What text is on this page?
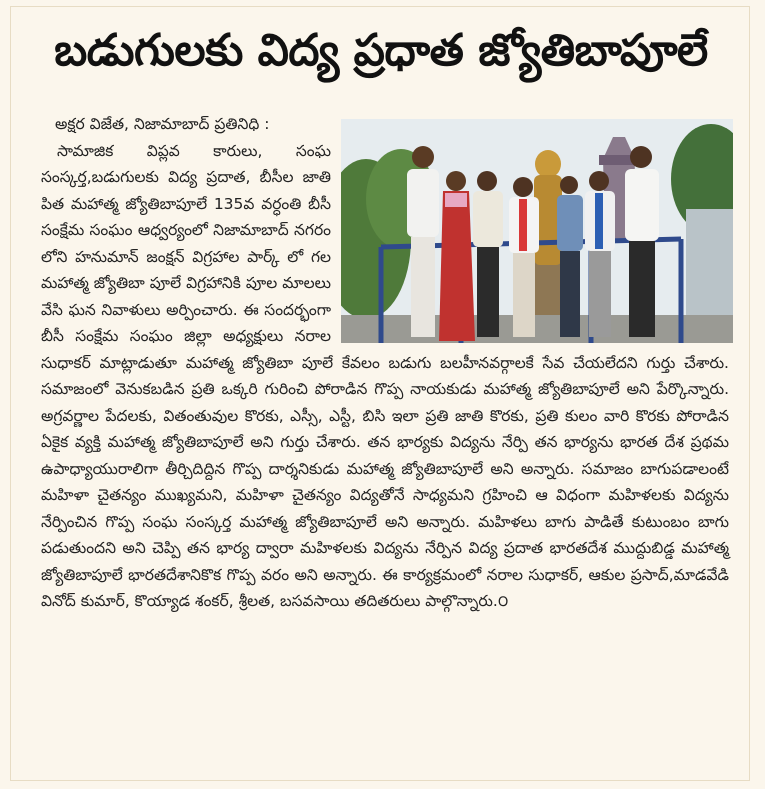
బడుగులకు విద్య ప్రధాత జ్యోతిబాపూలే

అక్షర విజేత, నిజామాబాద్ ప్రతినిధి :

సామాజిక విప్లవ కారులు, సంఘ సంస్కర్త,బడుగులకు విద్య ప్రదాత, బీసీల జాతి పిత మహాత్మ జ్యోతిబాపూలే 135వ వర్ధంతి బీసీ సంక్షేమ సంఘం ఆధ్వర్యంలో నిజామాబాద్ నగరం లోని హనుమాన్ జంక్షన్ విగ్రహాల పార్క్ లో గల మహాత్మ జ్యోతిబా పూలే విగ్రహానికి పూల మాలలు వేసి ఘన నివాళులు అర్పించారు. ఈ సందర్భంగా బీసీ సంక్షేమ సంఘం జిల్లా అధ్యక్షులు నరాల సుధాకర్ మాట్లాడుతూ మహాత్మ జ్యోతిబా పూలే కేవలం బడుగు బలహీనవర్గాలకే సేవ చేయలేదని గుర్తు చేశారు. సమాజంలో వెనుకబడిన ప్రతి ఒక్కరి గురించి పోరాడిన గొప్ప నాయకుడు మహాత్మ జ్యోతిబాపూలే అని పేర్కొన్నారు. అగ్రవర్ణాల పేదలకు, వితంతువుల కొరకు, ఎస్సీ, ఎస్టీ, బిసి ఇలా ప్రతి జాతి కొరకు, ప్రతి కులం వారి కొరకు పోరాడిన ఏకైక వ్యక్తి మహాత్మ జ్యోతిబాపూలే అని గుర్తు చేశారు. తన భార్యకు విద్యను నేర్పి తన భార్యను భారత దేశ ప్రథమ ఉపాధ్యాయురాలిగా తీర్చిదిద్దిన గొప్ప దార్శనికుడు మహాత్మ జ్యోతిబాపూలే అని అన్నారు. సమాజం బాగుపడాలంటే మహిళా చైతన్యం ముఖ్యమని, మహిళా చైతన్యం విద్యతోనే సాధ్యమని గ్రహించి ఆ విధంగా మహిళలకు విద్యను నేర్పించిన గొప్ప సంఘ సంస్కర్త మహాత్మ జ్యోతిబాపూలే అని అన్నారు. మహిళలు బాగు పాడితే కుటుంబం బాగు పడుతుందని అని చెప్పి తన భార్య ద్వారా మహిళలకు విద్యను నేర్పిన విద్య ప్రదాత భారతదేశ ముద్దుబిడ్డ మహాత్మ జ్యోతిబాపూలే భారతదేశానికొక గొప్ప వరం అని అన్నారు. ఈ కార్యక్రమంలో నరాల సుధాకర్, ఆకుల ప్రసాద్,మాడవేడి వినోద్ కుమార్, కొయ్యాడ శంకర్, శ్రీలత, బసవసాయి తదితరులు పాల్గొన్నారు.౦
